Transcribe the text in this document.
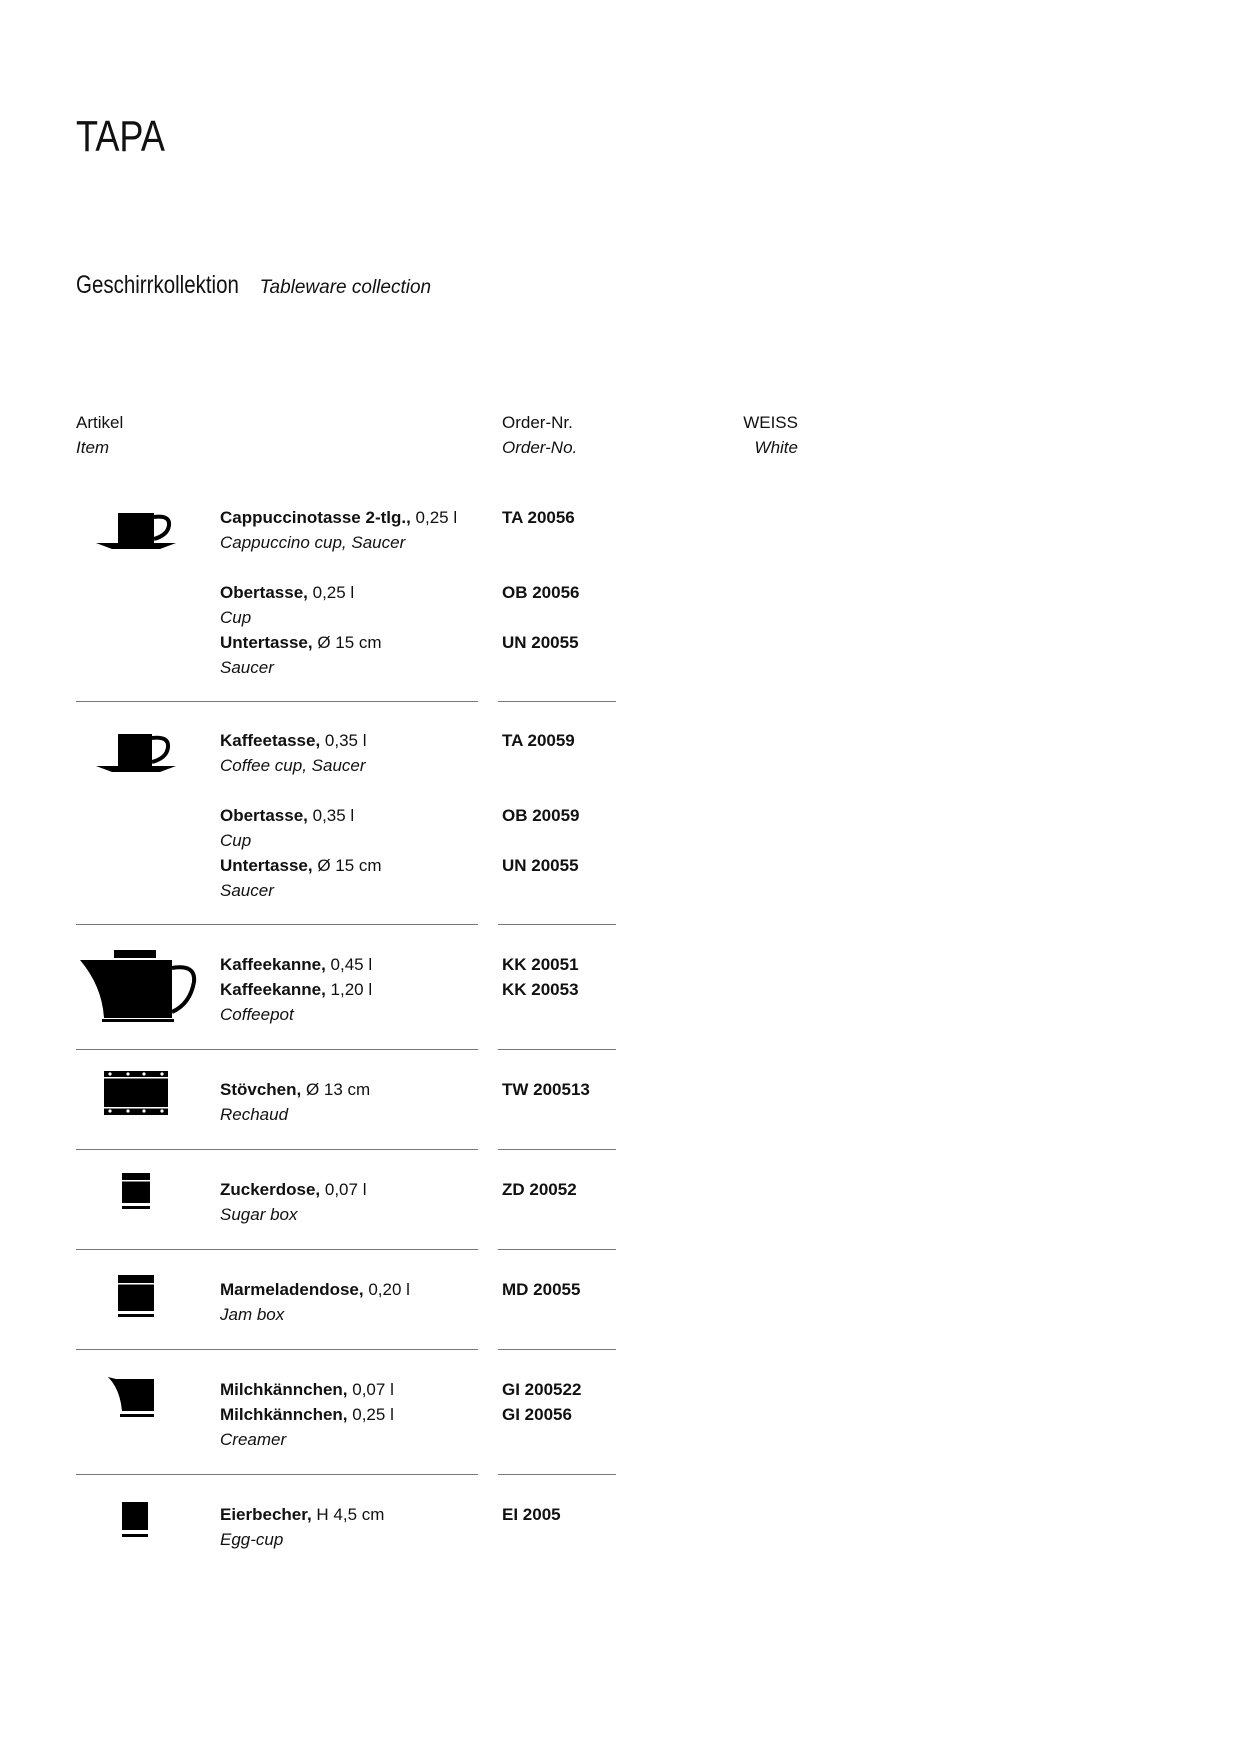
TAPA
Geschirrkollektion Tableware collection
Artikel
Item
Order-Nr.
Order-No.
WEISS
White
Cappuccinotasse 2-tlg., 0,25 l
Cappuccino cup, Saucer
Obertasse, 0,25 l
Cup
Untertasse, Ø 15 cm
Saucer
TA 20056
OB 20056
UN 20055
Kaffeetasse, 0,35 l
Coffee cup, Saucer
Obertasse, 0,35 l
Cup
Untertasse, Ø 15 cm
Saucer
TA 20059
OB 20059
UN 20055
Kaffeekanne, 0,45 l
Kaffeekanne, 1,20 l
Coffeepot
KK 20051
KK 20053
Stövchen, Ø 13 cm
Rechaud
TW 200513
Zuckerdose, 0,07 l
Sugar box
ZD 20052
Marmeladendose, 0,20 l
Jam box
MD 20055
Milchkännchen, 0,07 l
Milchkännchen, 0,25 l
Creamer
GI 200522
GI 20056
Eierbecher, H 4,5 cm
Egg-cup
EI 2005
